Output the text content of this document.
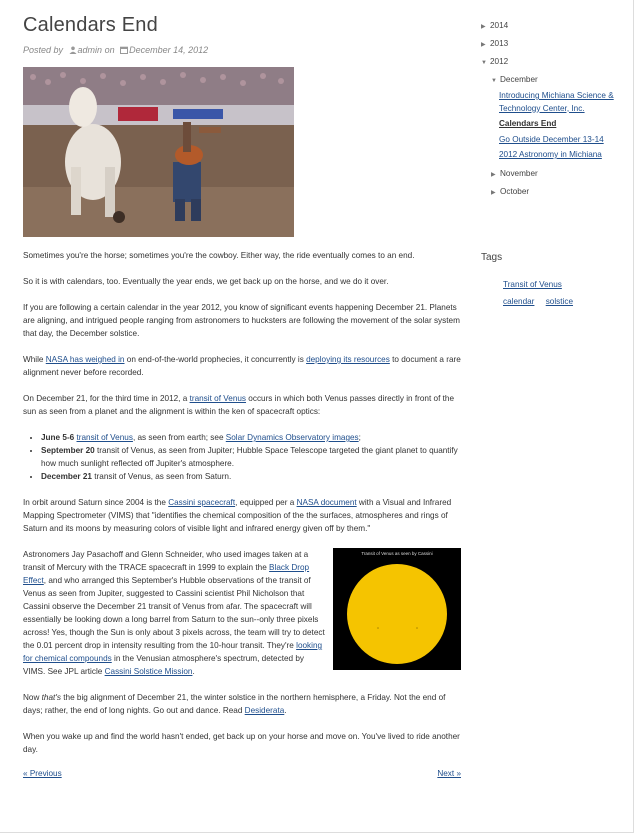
Calendars End
Posted by admin on December 14, 2012

Sometimes you're the horse; sometimes you're the cowboy. Either way, the ride eventually comes to an end.

So it is with calendars, too. Eventually the year ends, we get back up on the horse, and we do it over.

If you are following a certain calendar in the year 2012, you know of significant events happening December 21. Planets are aligning, and intrigued people ranging from astronomers to hucksters are following the movement of the solar system that day, the December solstice.

While NASA has weighed in on end-of-the-world prophecies, it concurrently is deploying its resources to document a rare alignment never before recorded.

On December 21, for the third time in 2012, a transit of Venus occurs in which both Venus passes directly in front of the sun as seen from a planet and the alignment is within the ken of spacecraft optics:

• June 5-6 transit of Venus, as seen from earth; see Solar Dynamics Observatory images;
• September 20 transit of Venus, as seen from Jupiter; Hubble Space Telescope targeted the giant planet to quantify how much sunlight reflected off Jupiter's atmosphere.
• December 21 transit of Venus, as seen from Saturn.

In orbit around Saturn since 2004 is the Cassini spacecraft, equipped per a NASA document with a Visual and Infrared Mapping Spectrometer (VIMS) that "identifies the chemical composition of the the surfaces, atmospheres and rings of Saturn and its moons by measuring colors of visible light and infrared energy given off by them."

Transit of Venus as seen by Cassini

Astronomers Jay Pasachoff and Glenn Schneider, who used images taken at a transit of Mercury with the TRACE spacecraft in 1999 to explain the Black Drop Effect, and who arranged this September's Hubble observations of the transit of Venus as seen from Jupiter, suggested to Cassini scientist Phil Nicholson that Cassini observe the December 21 transit of Venus from afar. The spacecraft will essentially be looking down a long barrel from Saturn to the sun--only three pixels across! Yes, though the Sun is only about 3 pixels across, the team will try to detect the 0.01 percent drop in intensity resulting from the 10-hour transit. They're looking for chemical compounds in the Venusian atmosphere's spectrum, detected by VIMS. See JPL article Cassini Solstice Mission.

Now that's the big alignment of December 21, the winter solstice in the northern hemisphere, a Friday. Not the end of days; rather, the end of long nights. Go out and dance. Read Desiderata.

When you wake up and find the world hasn't ended, get back up on your horse and move on. You've lived to ride another day.

« Previous	Next »
▶ 2014
▶ 2013
▼ 2012
▼ December
Introducing Michiana Science & Technology Center, Inc.
Calendars End
Go Outside December 13-14
2012 Astronomy in Michiana
▶ November
▶ October
Tags
Transit of Venus
calendar solstice
